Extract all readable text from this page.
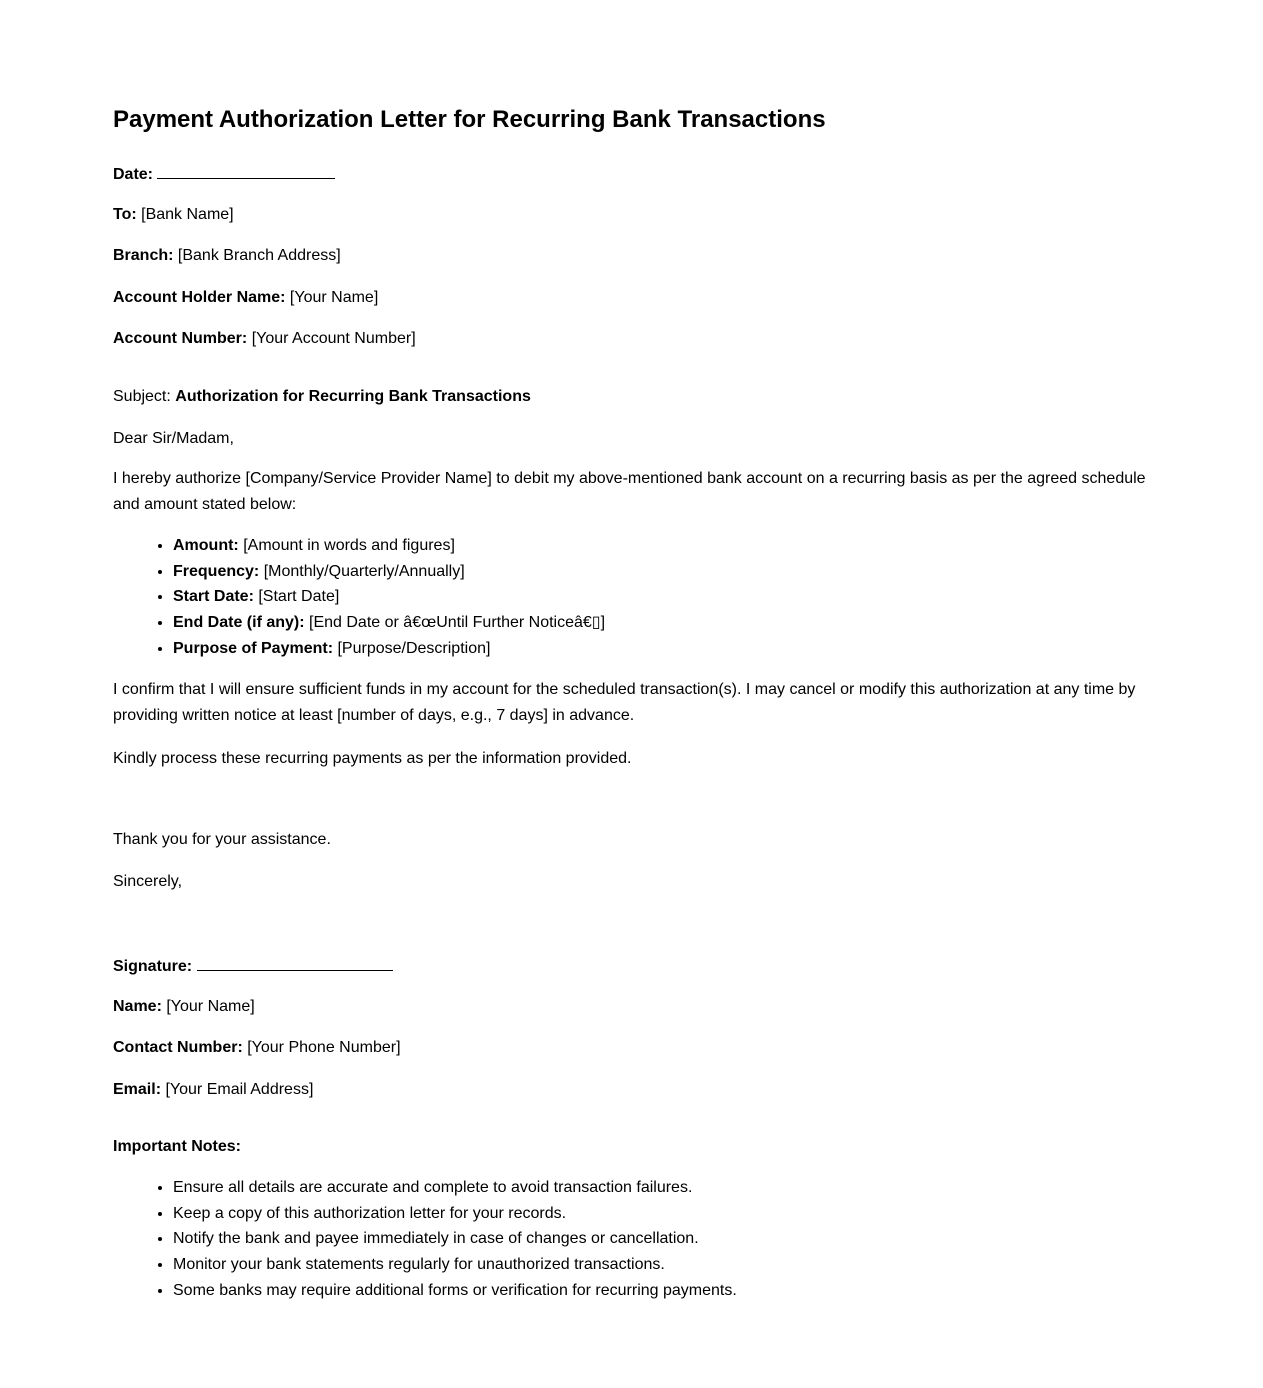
Payment Authorization Letter for Recurring Bank Transactions

Date:

To: [Bank Name]

Branch: [Bank Branch Address]

Account Holder Name: [Your Name]

Account Number: [Your Account Number]

Subject: Authorization for Recurring Bank Transactions

Dear Sir/Madam,

I hereby authorize [Company/Service Provider Name] to debit my above-mentioned bank account on a recurring basis as per the agreed schedule and amount stated below:

• Amount: [Amount in words and figures]
• Frequency: [Monthly/Quarterly/Annually]
• Start Date: [Start Date]
• End Date (if any): [End Date or â€œUntil Further Noticeâ€▯]
• Purpose of Payment: [Purpose/Description]

I confirm that I will ensure sufficient funds in my account for the scheduled transaction(s). I may cancel or modify this authorization at any time by providing written notice at least [number of days, e.g., 7 days] in advance.

Kindly process these recurring payments as per the information provided.

Thank you for your assistance.

Sincerely,

Signature:

Name: [Your Name]

Contact Number: [Your Phone Number]

Email: [Your Email Address]

Important Notes:

• Ensure all details are accurate and complete to avoid transaction failures.
• Keep a copy of this authorization letter for your records.
• Notify the bank and payee immediately in case of changes or cancellation.
• Monitor your bank statements regularly for unauthorized transactions.
• Some banks may require additional forms or verification for recurring payments.
